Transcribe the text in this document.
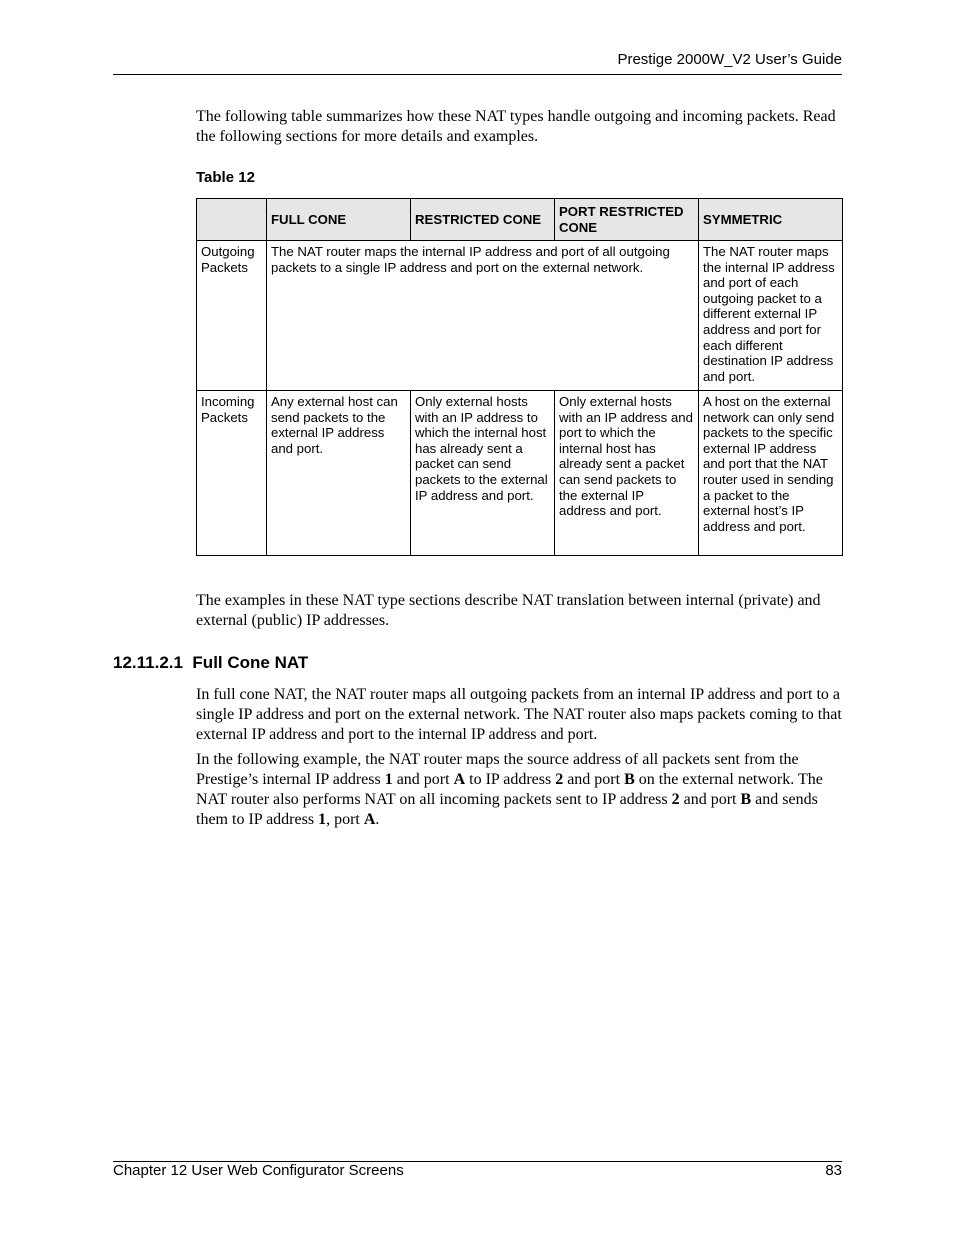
Prestige 2000W_V2 User’s Guide

The following table summarizes how these NAT types handle outgoing and incoming packets. Read the following sections for more details and examples.

Table 12
	FULL CONE	RESTRICTED CONE	PORT RESTRICTED CONE	SYMMETRIC
Outgoing Packets	The NAT router maps the internal IP address and port of all outgoing packets to a single IP address and port on the external network.			The NAT router maps the internal IP address and port of each outgoing packet to a different external IP address and port for each different destination IP address and port.
Incoming Packets	Any external host can send packets to the external IP address and port.	Only external hosts with an IP address to which the internal host has already sent a packet can send packets to the external IP address and port.	Only external hosts with an IP address and port to which the internal host has already sent a packet can send packets to the external IP address and port.	A host on the external network can only send packets to the specific external IP address and port that the NAT router used in sending a packet to the external host’s IP address and port.

The examples in these NAT type sections describe NAT translation between internal (private) and external (public) IP addresses.

12.11.2.1 Full Cone NAT

In full cone NAT, the NAT router maps all outgoing packets from an internal IP address and port to a single IP address and port on the external network. The NAT router also maps packets coming to that external IP address and port to the internal IP address and port.

In the following example, the NAT router maps the source address of all packets sent from the Prestige’s internal IP address 1 and port A to IP address 2 and port B on the external network. The NAT router also performs NAT on all incoming packets sent to IP address 2 and port B and sends them to IP address 1, port A.

Chapter 12 User Web Configurator Screens	83
